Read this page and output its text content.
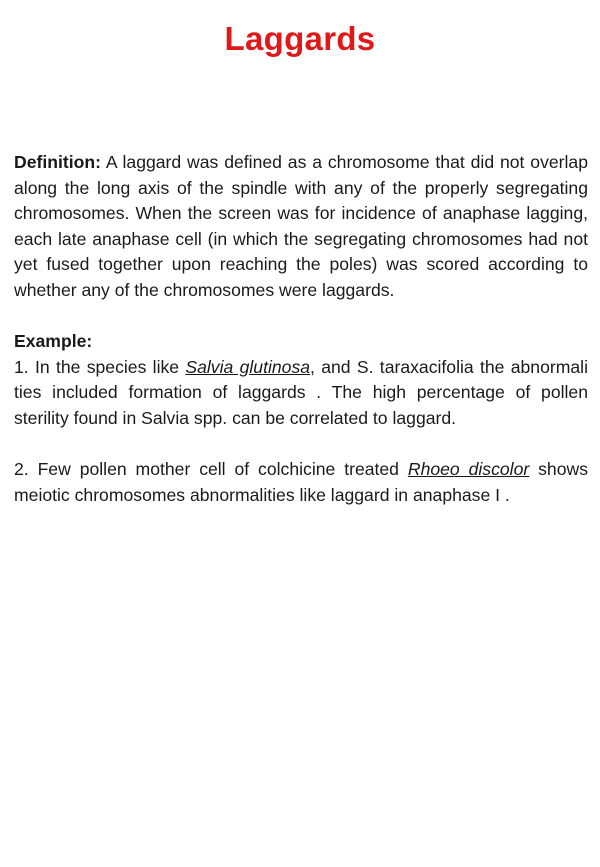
Laggards

Definition: A laggard was defined as a chromosome that did not overlap along the long axis of the spindle with any of the properly segregating chromosomes. When the screen was for incidence of anaphase lagging, each late anaphase cell (in which the segregating chromosomes had not yet fused together upon reaching the poles) was scored according to whether any of the chromosomes were laggards.

Example:

1. In the species like Salvia glutinosa, and S. taraxacifolia the abnormali ties included formation of laggards . The high percentage of pollen sterility found in Salvia spp. can be correlated to laggard.

2. Few pollen mother cell of colchicine treated Rhoeo discolor shows meiotic chromosomes abnormalities like laggard in anaphase I .
